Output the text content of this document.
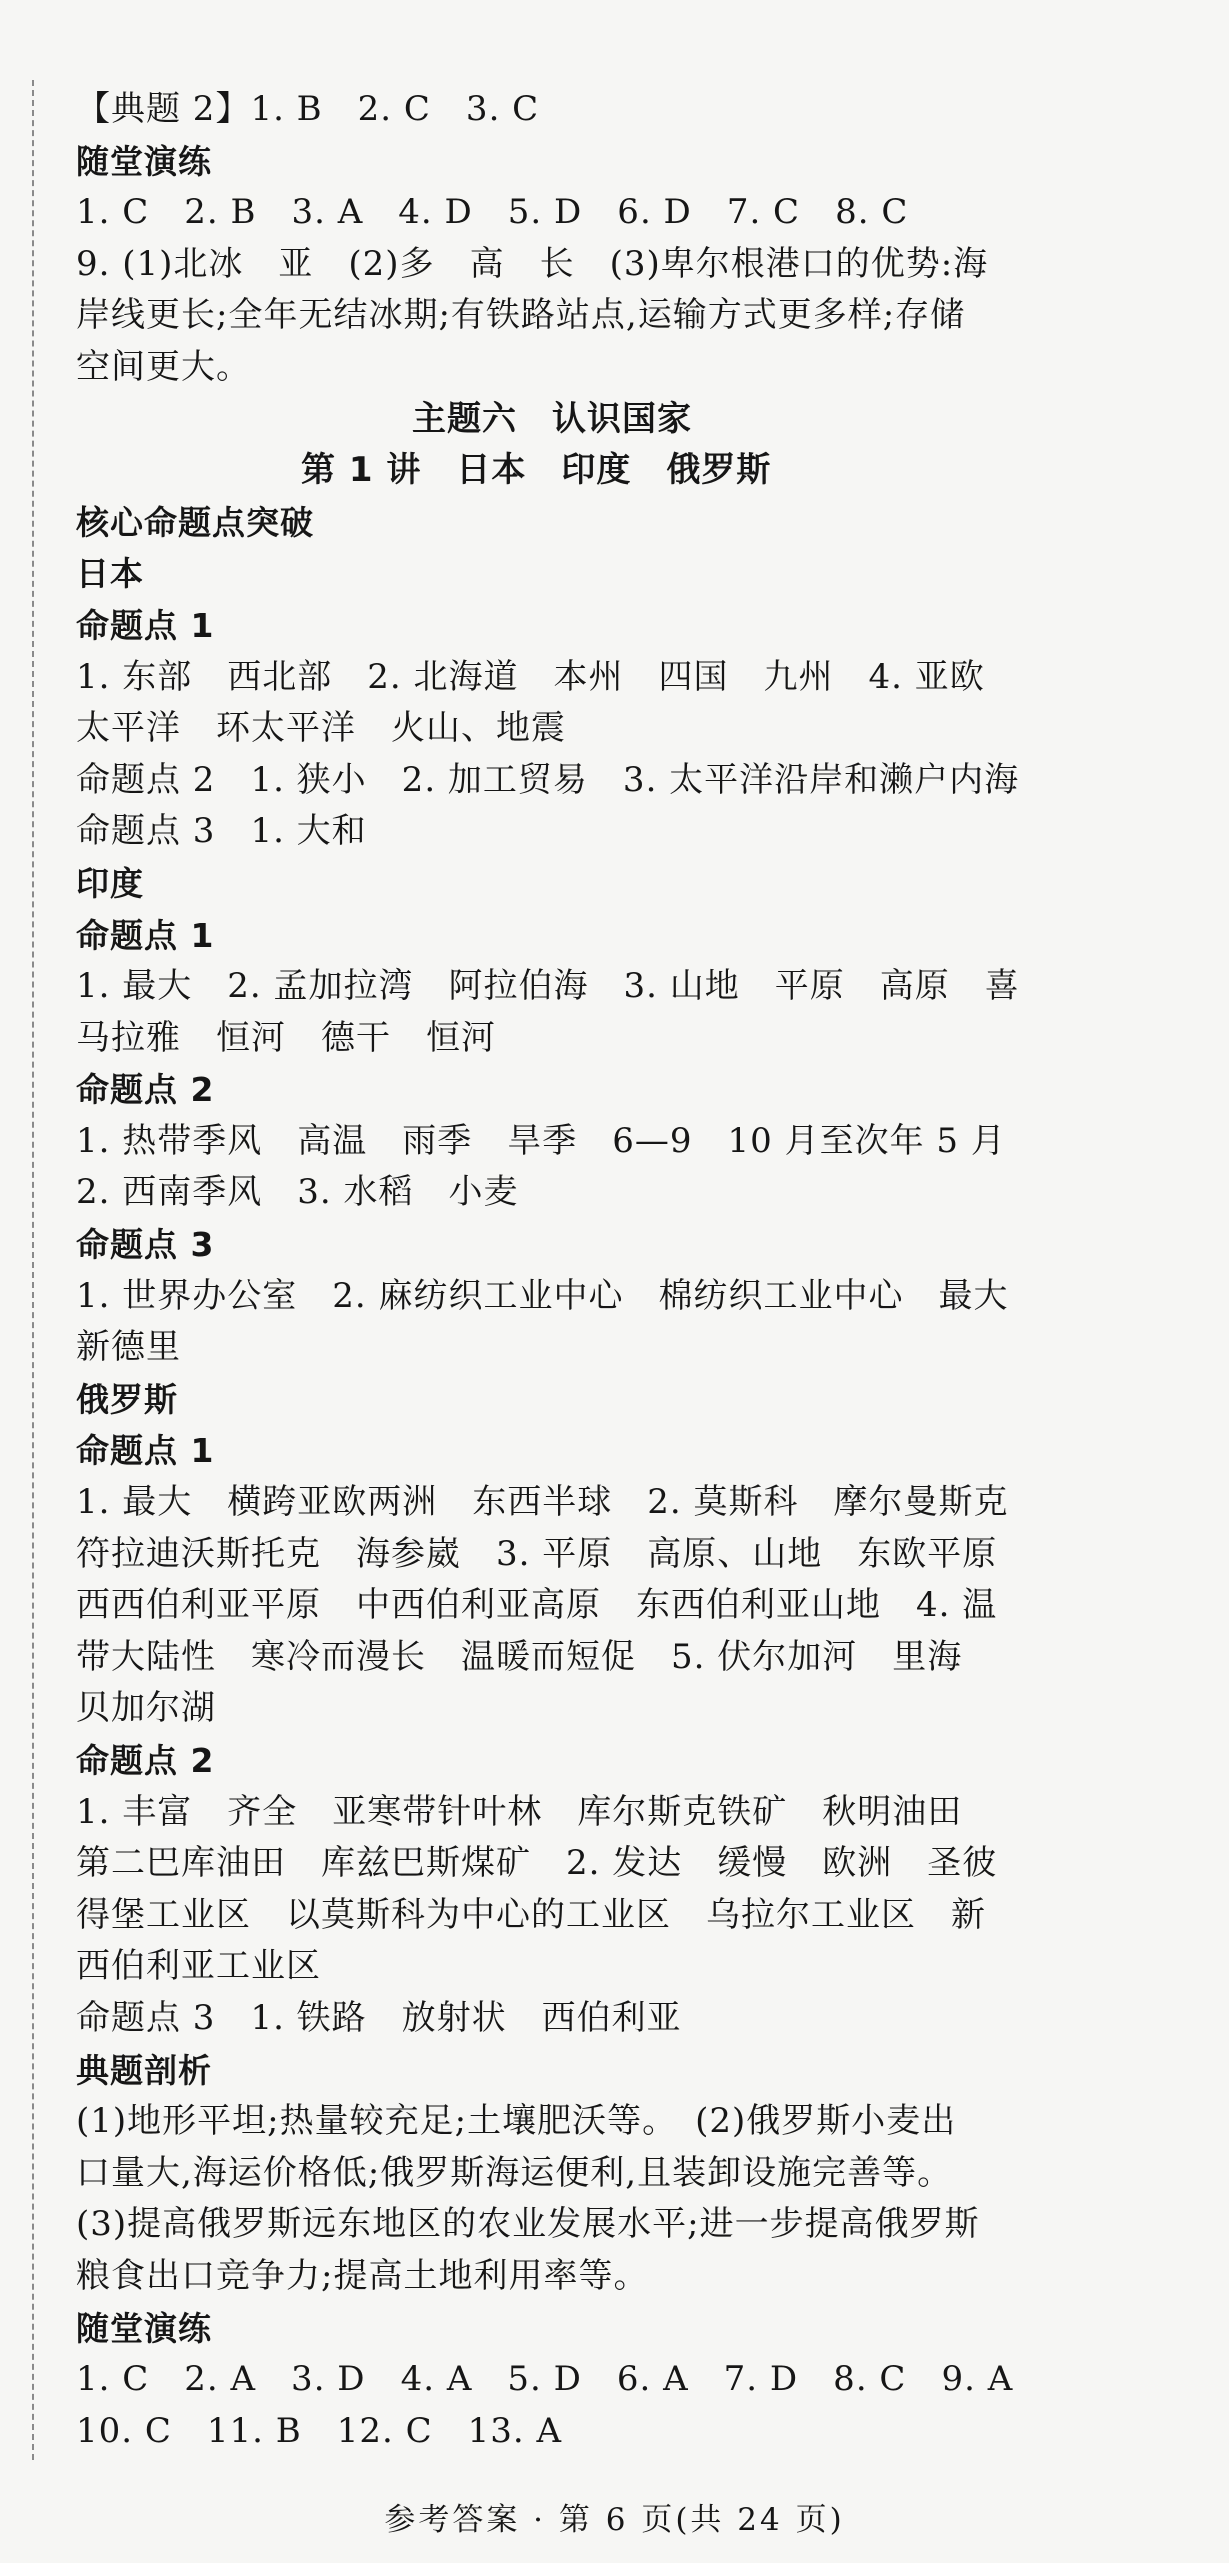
【典题 2】1. B　2. C　3. C
随堂演练
1. C　2. B　3. A　4. D　5. D　6. D　7. C　8. C
9. (1)北冰　亚　(2)多　高　长　(3)卑尔根港口的优势:海
岸线更长;全年无结冰期;有铁路站点,运输方式更多样;存储
空间更大。
主题六　认识国家
第 1 讲　日本　印度　俄罗斯
核心命题点突破
日本
命题点 1
1. 东部　西北部　2. 北海道　本州　四国　九州　4. 亚欧
太平洋　环太平洋　火山、地震
命题点 2　1. 狭小　2. 加工贸易　3. 太平洋沿岸和濑户内海
命题点 3　1. 大和
印度
命题点 1
1. 最大　2. 孟加拉湾　阿拉伯海　3. 山地　平原　高原　喜
马拉雅　恒河　德干　恒河
命题点 2
1. 热带季风　高温　雨季　旱季　6—9　10 月至次年 5 月
2. 西南季风　3. 水稻　小麦
命题点 3
1. 世界办公室　2. 麻纺织工业中心　棉纺织工业中心　最大
新德里
俄罗斯
命题点 1
1. 最大　横跨亚欧两洲　东西半球　2. 莫斯科　摩尔曼斯克
符拉迪沃斯托克　海参崴　3. 平原　高原、山地　东欧平原
西西伯利亚平原　中西伯利亚高原　东西伯利亚山地　4. 温
带大陆性　寒冷而漫长　温暖而短促　5. 伏尔加河　里海
贝加尔湖
命题点 2
1. 丰富　齐全　亚寒带针叶林　库尔斯克铁矿　秋明油田
第二巴库油田　库兹巴斯煤矿　2. 发达　缓慢　欧洲　圣彼
得堡工业区　以莫斯科为中心的工业区　乌拉尔工业区　新
西伯利亚工业区
命题点 3　1. 铁路　放射状　西伯利亚
典题剖析
(1)地形平坦;热量较充足;土壤肥沃等。　(2)俄罗斯小麦出
口量大,海运价格低;俄罗斯海运便利,且装卸设施完善等。
(3)提高俄罗斯远东地区的农业发展水平;进一步提高俄罗斯
粮食出口竞争力;提高土地利用率等。
随堂演练
1. C　2. A　3. D　4. A　5. D　6. A　7. D　8. C　9. A
10. C　11. B　12. C　13. A
参考答案 · 第 6 页(共 24 页)
